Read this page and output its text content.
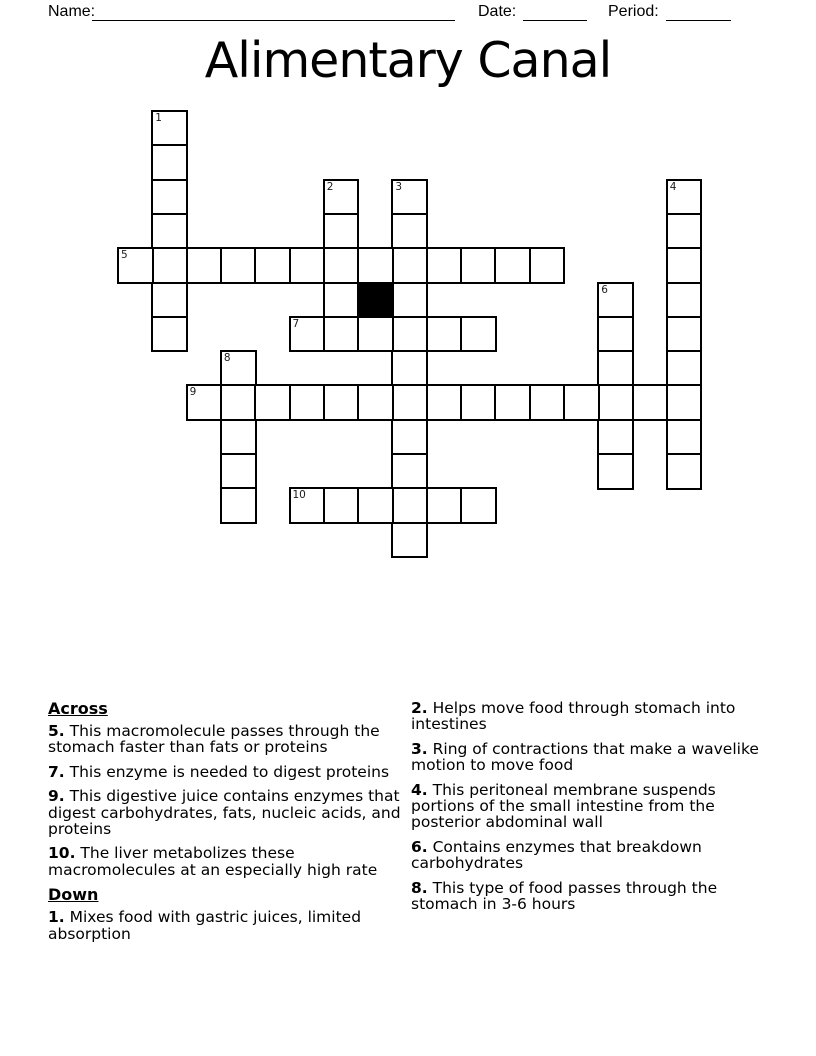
Name:	Date:	Period:
Alimentary Canal
1
2	3	4
5
6
7
8
9
10
Across
5. This macromolecule passes through the stomach faster than fats or proteins
7. This enzyme is needed to digest proteins
9. This digestive juice contains enzymes that digest carbohydrates, fats, nucleic acids, and proteins
10. The liver metabolizes these macromolecules at an especially high rate
Down
1. Mixes food with gastric juices, limited absorption
2. Helps move food through stomach into intestines
3. Ring of contractions that make a wavelike motion to move food
4. This peritoneal membrane suspends portions of the small intestine from the posterior abdominal wall
6. Contains enzymes that breakdown carbohydrates
8. This type of food passes through the stomach in 3-6 hours
